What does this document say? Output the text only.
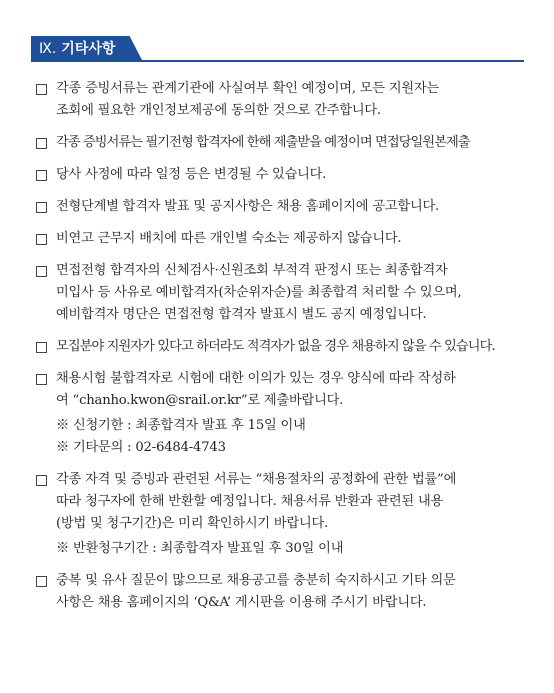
Ⅸ. 기타사항
각종 증빙서류는 관계기관에 사실여부 확인 예정이며, 모든 지원자는
조회에 필요한 개인정보제공에 동의한 것으로 간주합니다.
각종 증빙서류는 필기전형 합격자에 한해 제출받을 예정이며 면접당일원본제출
당사 사정에 따라 일정 등은 변경될 수 있습니다.
전형단계별 합격자 발표 및 공지사항은 채용 홈페이지에 공고합니다.
비연고 근무지 배치에 따른 개인별 숙소는 제공하지 않습니다.
면접전형 합격자의 신체검사·신원조회 부적격 판정시 또는 최종합격자
미입사 등 사유로 예비합격자(차순위자순)를 최종합격 처리할 수 있으며,
예비합격자 명단은 면접전형 합격자 발표시 별도 공지 예정입니다.
모집분야 지원자가 있다고 하더라도 적격자가 없을 경우 채용하지 않을 수 있습니다.
채용시험 불합격자로 시험에 대한 이의가 있는 경우 양식에 따라 작성하
여 “chanho.kwon@srail.or.kr”로 제출바랍니다.
※ 신청기한 : 최종합격자 발표 후 15일 이내
※ 기타문의 : 02-6484-4743
각종 자격 및 증빙과 관련된 서류는 “채용절차의 공정화에 관한 법률”에
따라 청구자에 한해 반환할 예정입니다. 채용서류 반환과 관련된 내용
(방법 및 청구기간)은 미리 확인하시기 바랍니다.
※ 반환청구기간 : 최종합격자 발표일 후 30일 이내
중복 및 유사 질문이 많으므로 채용공고를 충분히 숙지하시고 기타 의문
사항은 채용 홈페이지의 ‘Q&A’ 게시판을 이용해 주시기 바랍니다.
